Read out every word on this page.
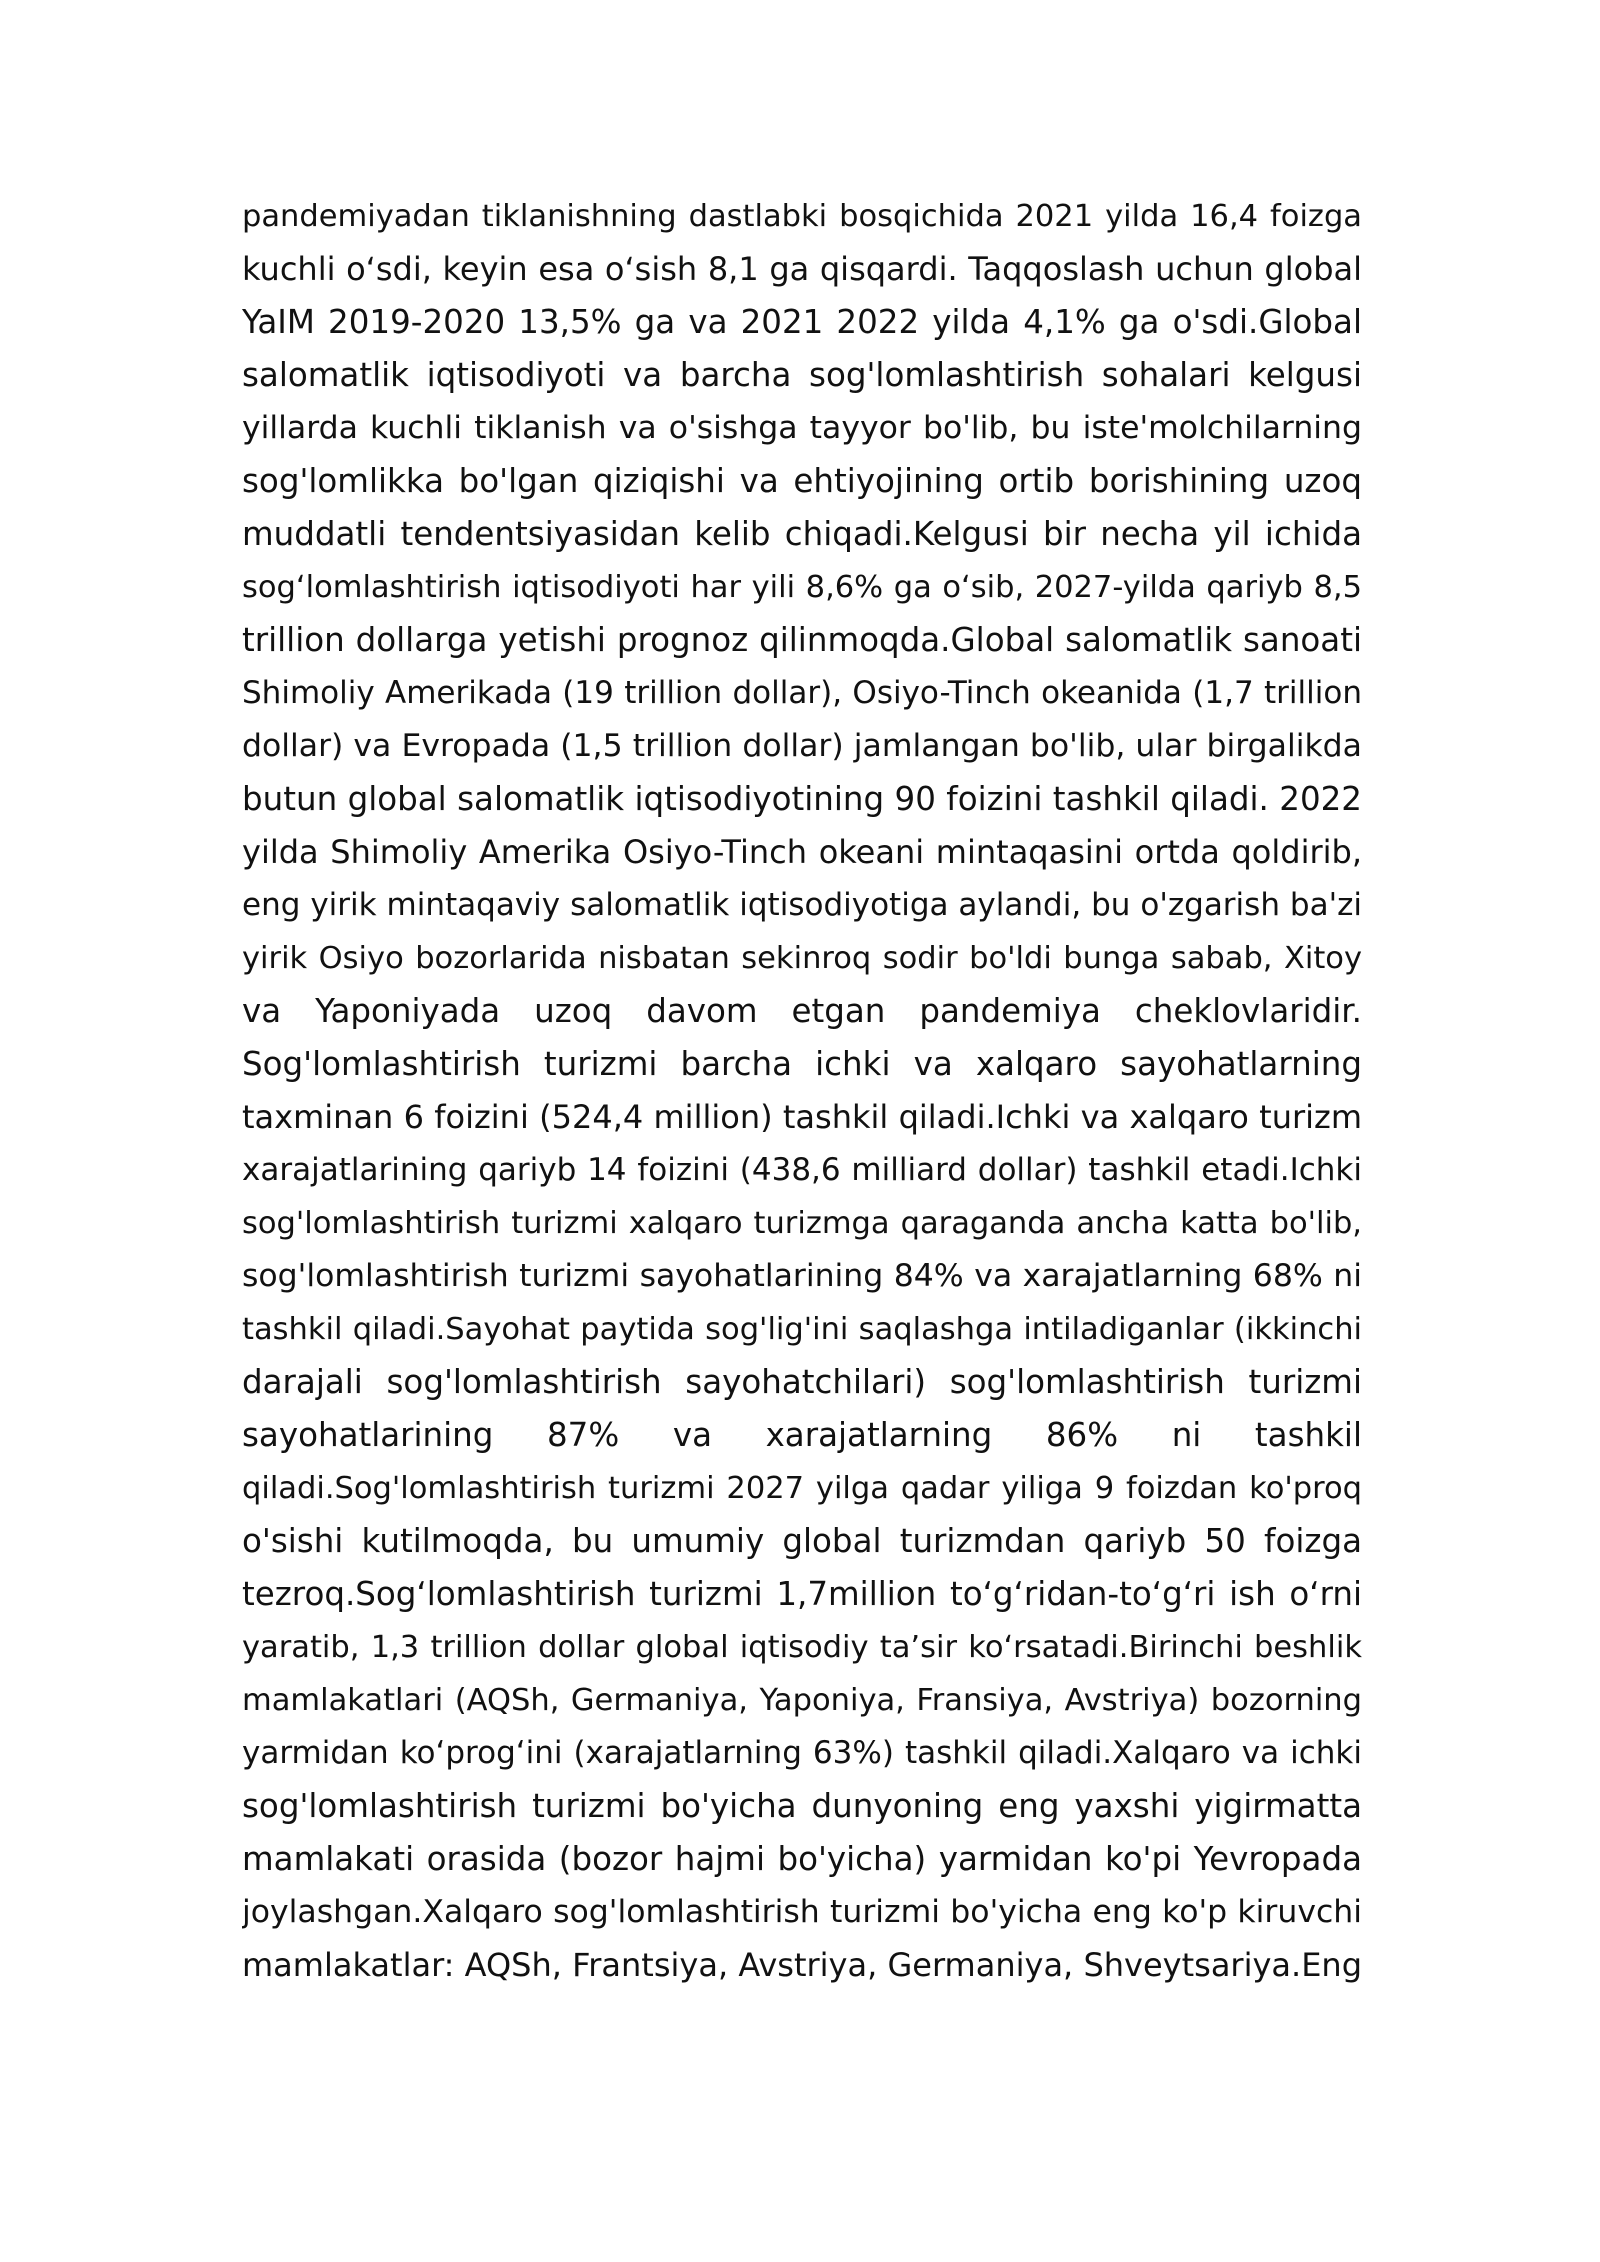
pandemiyadan tiklanishning dastlabki bosqichida 2021 yilda 16,4 foizga
kuchli oʻsdi, keyin esa oʻsish 8,1 ga qisqardi. Taqqoslash uchun global
YaIM 2019-2020 13,5% ga va 2021 2022 yilda 4,1% ga o'sdi.Global
salomatlik iqtisodiyoti va barcha sog'lomlashtirish sohalari kelgusi
yillarda kuchli tiklanish va o'sishga tayyor bo'lib, bu iste'molchilarning
sog'lomlikka bo'lgan qiziqishi va ehtiyojining ortib borishining uzoq
muddatli tendentsiyasidan kelib chiqadi.Kelgusi bir necha yil ichida
sogʻlomlashtirish iqtisodiyoti har yili 8,6% ga oʻsib, 2027-yilda qariyb 8,5
trillion dollarga yetishi prognoz qilinmoqda.Global salomatlik sanoati
Shimoliy Amerikada (19 trillion dollar), Osiyo-Tinch okeanida (1,7 trillion
dollar) va Evropada (1,5 trillion dollar) jamlangan bo'lib, ular birgalikda
butun global salomatlik iqtisodiyotining 90 foizini tashkil qiladi. 2022
yilda Shimoliy Amerika Osiyo-Tinch okeani mintaqasini ortda qoldirib,
eng yirik mintaqaviy salomatlik iqtisodiyotiga aylandi, bu o'zgarish ba'zi
yirik Osiyo bozorlarida nisbatan sekinroq sodir bo'ldi bunga sabab, Xitoy
va Yaponiyada uzoq davom etgan pandemiya cheklovlaridir.
Sog'lomlashtirish turizmi barcha ichki va xalqaro sayohatlarning
taxminan 6 foizini (524,4 million) tashkil qiladi.Ichki va xalqaro turizm
xarajatlarining qariyb 14 foizini (438,6 milliard dollar) tashkil etadi.Ichki
sog'lomlashtirish turizmi xalqaro turizmga qaraganda ancha katta bo'lib,
sog'lomlashtirish turizmi sayohatlarining 84% va xarajatlarning 68% ni
tashkil qiladi.Sayohat paytida sog'lig'ini saqlashga intiladiganlar (ikkinchi
darajali sog'lomlashtirish sayohatchilari) sog'lomlashtirish turizmi
sayohatlarining 87% va xarajatlarning 86% ni tashkil
qiladi.Sog'lomlashtirish turizmi 2027 yilga qadar yiliga 9 foizdan ko'proq
o'sishi kutilmoqda, bu umumiy global turizmdan qariyb 50 foizga
tezroq.Sogʻlomlashtirish turizmi 1,7million toʻgʻridan-toʻgʻri ish oʻrni
yaratib, 1,3 trillion dollar global iqtisodiy taʼsir koʻrsatadi.Birinchi beshlik
mamlakatlari (AQSh, Germaniya, Yaponiya, Fransiya, Avstriya) bozorning
yarmidan koʻprogʻini (xarajatlarning 63%) tashkil qiladi.Xalqaro va ichki
sog'lomlashtirish turizmi bo'yicha dunyoning eng yaxshi yigirmatta
mamlakati orasida (bozor hajmi bo'yicha) yarmidan ko'pi Yevropada
joylashgan.Xalqaro sog'lomlashtirish turizmi bo'yicha eng ko'p kiruvchi
mamlakatlar: AQSh, Frantsiya, Avstriya, Germaniya, Shveytsariya.Eng
